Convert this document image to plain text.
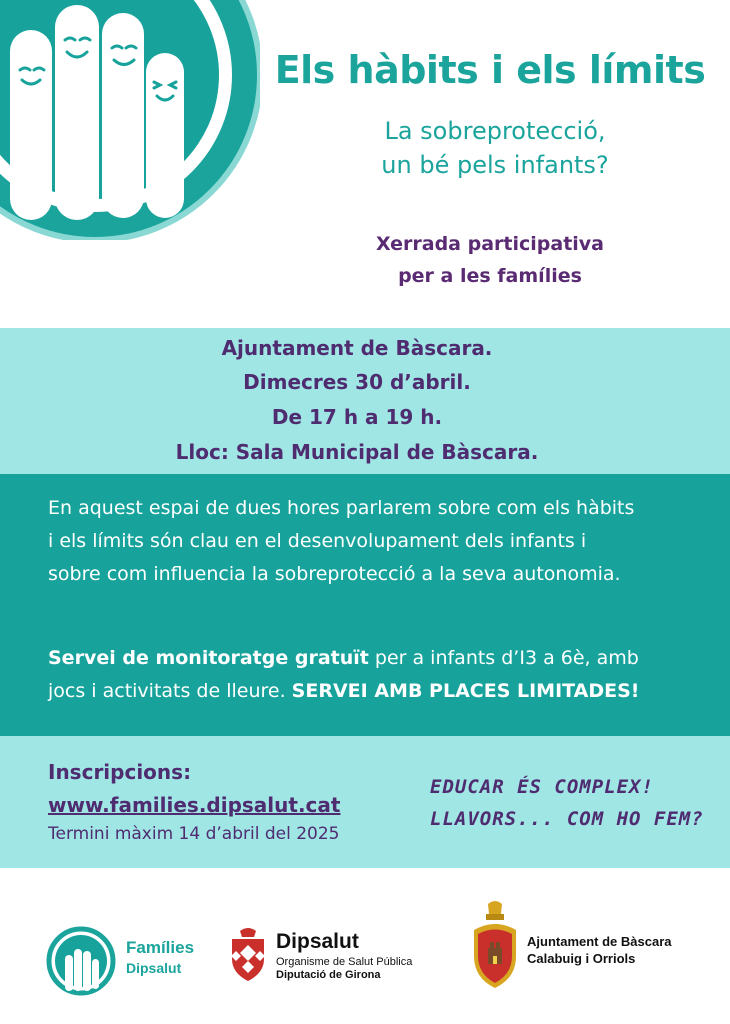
Els hàbits i els límits
La sobreprotecció,
un bé pels infants?
Xerrada participativa
per a les famílies
Ajuntament de Bàscara.
Dimecres 30 d’abril.
De 17 h a 19 h.
Lloc: Sala Municipal de Bàscara.
En aquest espai de dues hores parlarem sobre com els hàbits
i els límits són clau en el desenvolupament dels infants i
sobre com influencia la sobreprotecció a la seva autonomia.
Servei de monitoratge gratuït per a infants d’I3 a 6è, amb
jocs i activitats de lleure. SERVEI AMB PLACES LIMITADES!
Inscripcions:
www.families.dipsalut.cat
Termini màxim 14 d’abril del 2025
EDUCAR ÉS COMPLEX!
LLAVORS... COM HO FEM?
Famílies
Dipsalut
Dipsalut
Organisme de Salut Pública
Diputació de Girona
Ajuntament de Bàscara
Calabuig i Orriols
